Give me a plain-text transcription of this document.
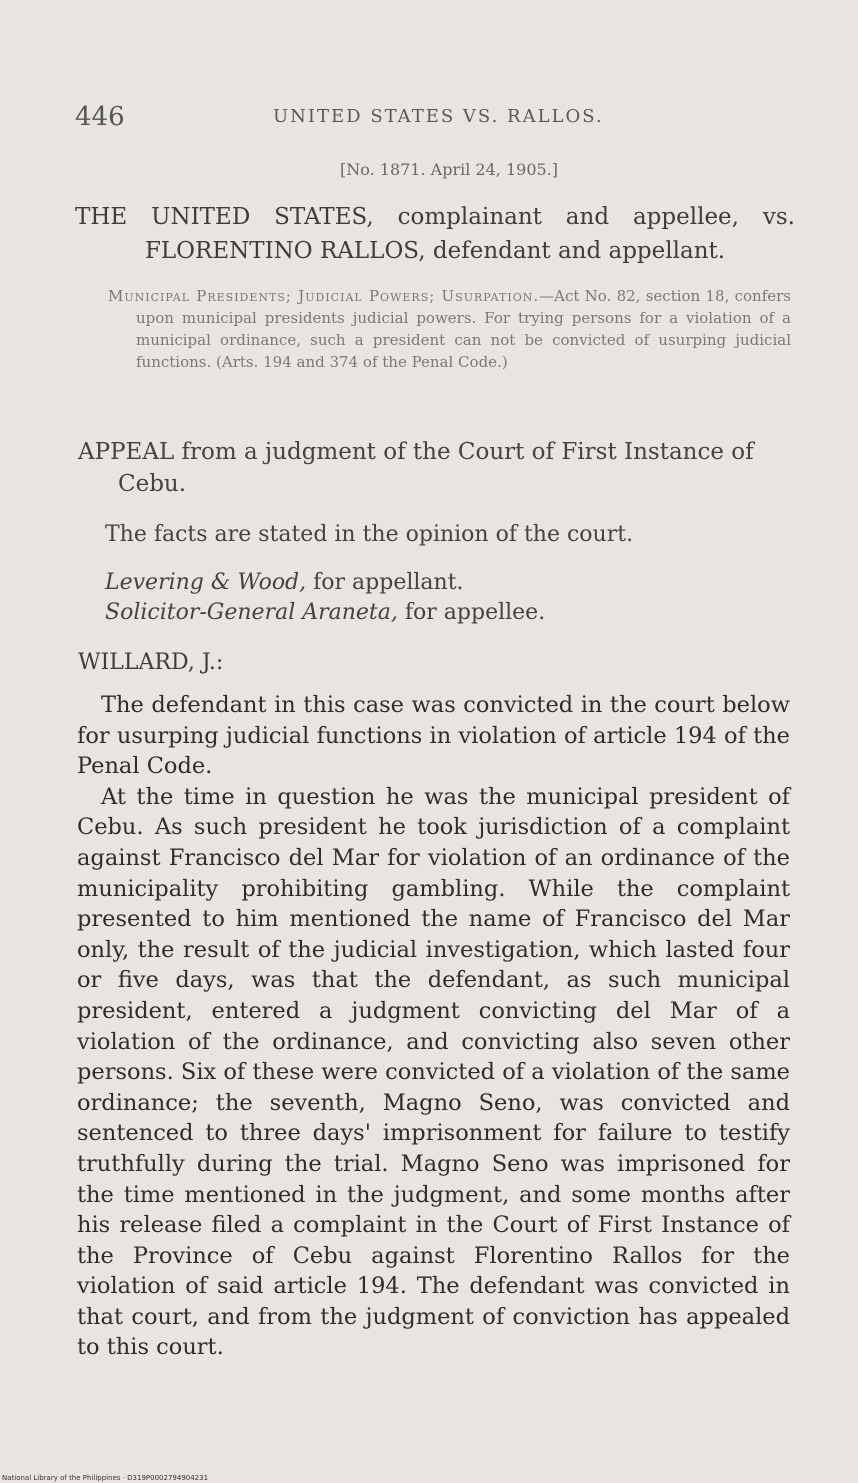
446	UNITED STATES VS. RALLOS.
[No. 1871. April 24, 1905.]
THE UNITED STATES, complainant and appellee, vs. FLORENTINO RALLOS, defendant and appellant.
Municipal Presidents; Judicial Powers; Usurpation.—Act No. 82, section 18, confers upon municipal presidents judicial powers. For trying persons for a violation of a municipal ordinance, such a president can not be convicted of usurping judicial functions. (Arts. 194 and 374 of the Penal Code.)
APPEAL from a judgment of the Court of First Instance of Cebu.
The facts are stated in the opinion of the court.
Levering & Wood, for appellant.
Solicitor-General Araneta, for appellee.
WILLARD, J.:

The defendant in this case was convicted in the court below for usurping judicial functions in violation of article 194 of the Penal Code.

At the time in question he was the municipal president of Cebu. As such president he took jurisdiction of a complaint against Francisco del Mar for violation of an ordinance of the municipality prohibiting gambling. While the complaint presented to him mentioned the name of Francisco del Mar only, the result of the judicial investigation, which lasted four or five days, was that the defendant, as such municipal president, entered a judgment convicting del Mar of a violation of the ordinance, and convicting also seven other persons. Six of these were convicted of a violation of the same ordinance; the seventh, Magno Seno, was convicted and sentenced to three days' imprisonment for failure to testify truthfully during the trial. Magno Seno was imprisoned for the time mentioned in the judgment, and some months after his release filed a complaint in the Court of First Instance of the Province of Cebu against Florentino Rallos for the violation of said article 194. The defendant was convicted in that court, and from the judgment of conviction has appealed to this court.

National Library of the Philippines · D319P0002794904231
